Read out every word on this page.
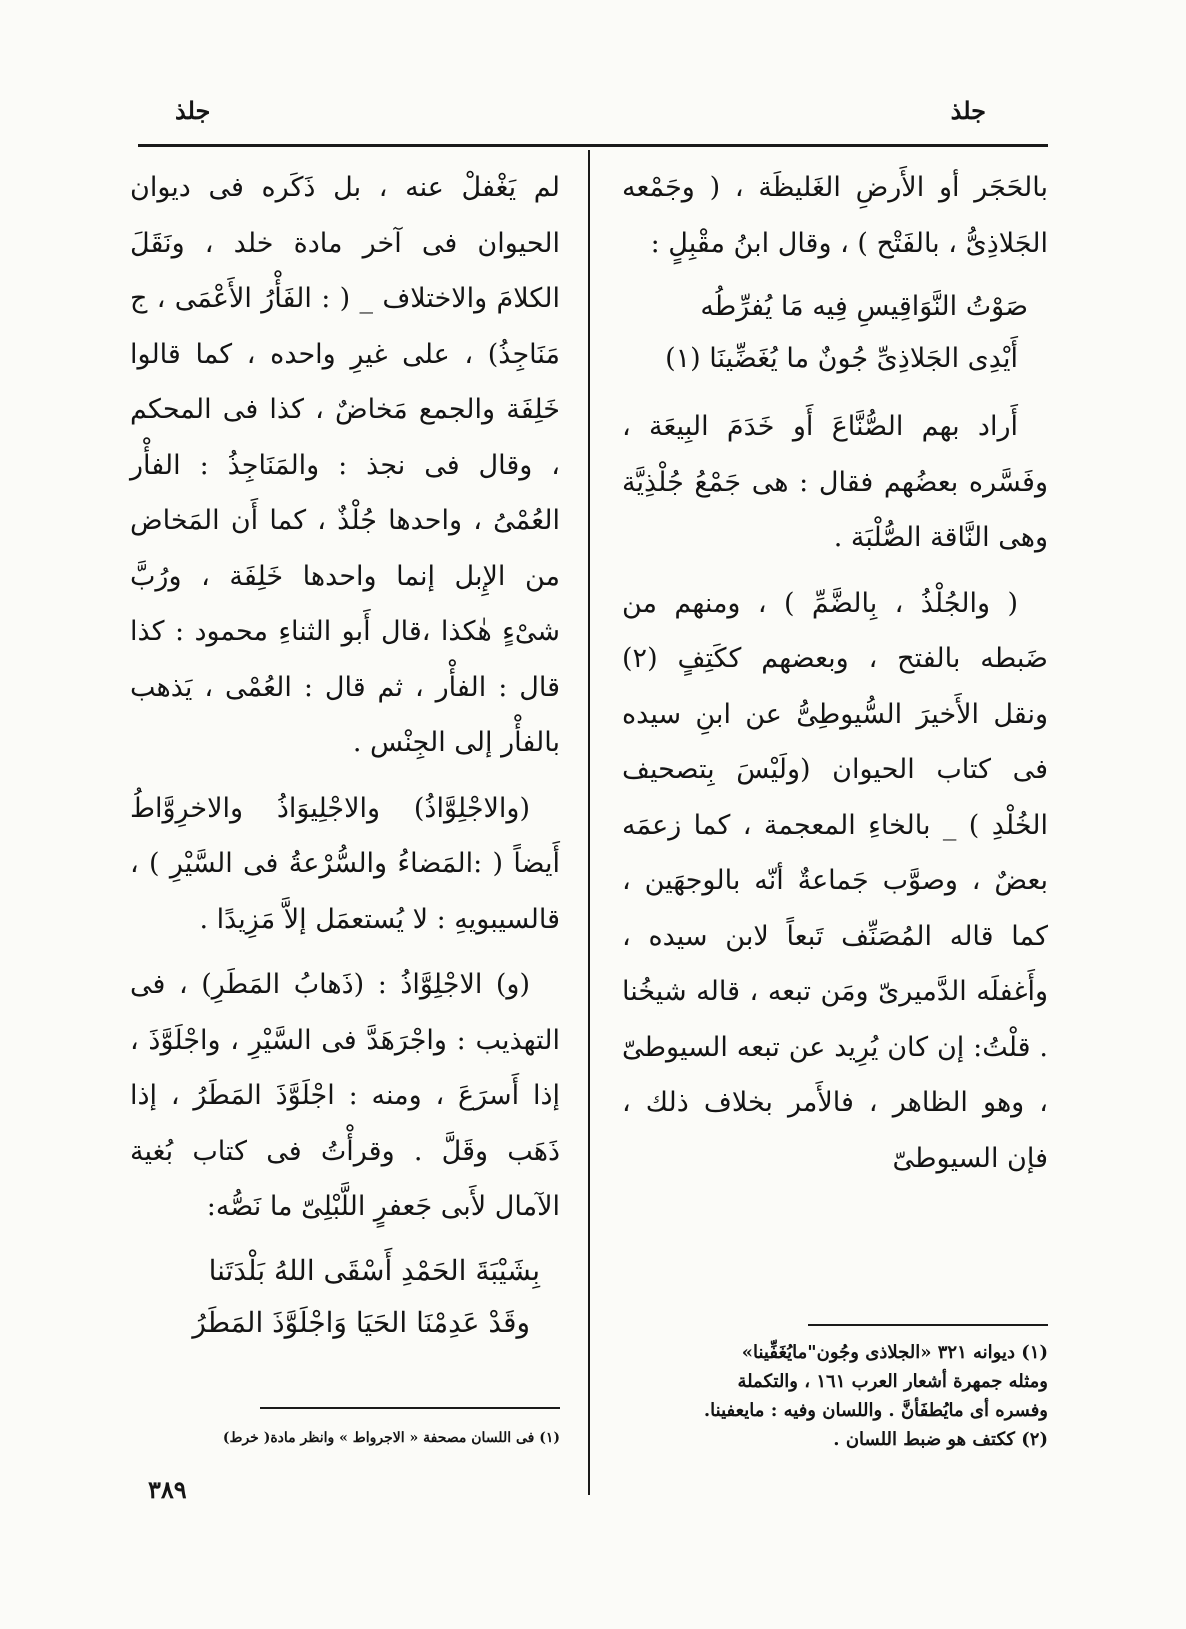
جلذ
جلذ

بالحَجَر أو الأَرضِ الغَليظَة ، ( وجَمْعه الجَلاذِىُّ ، بالفَتْح ) ، وقال ابنُ مقْبِلٍ :

صَوْتُ النَّوَاقِيسِ فِيه مَا يُفرِّطُه
أَيْدِى الجَلاذِىِّ جُونٌ ما يُغَضِّينَا (١)

أَراد بهم الصُّنَّاعَ أَو خَدَمَ البِيعَة ، وفَسَّره بعضُهم فقال : هى جَمْعُ جُلْذِيَّة وهى النَّاقة الصُّلْبَة .

( والجُلْذُ ، بِالضَّمِّ ) ، ومنهم من ضَبطه بالفتح ، وبعضهم ككَتِفٍ (٢) ونقل الأَخيرَ السُّيوطِىُّ عن ابنِ سيده فى كتاب الحيوان (ولَيْسَ بِتصحيف الخُلْدِ ) _ بالخاءِ المعجمة ، كما زعمَه بعضٌ ، وصوَّب جَماعةٌ أنّه بالوجهَين ، كما قاله المُصَنِّف تَبعاً لابن سيده ، وأَغفلَه الدَّميرىّ ومَن تبعه ، قاله شيخُنا . قلْتُ: إن كان يُرِيد عن تبعه السيوطىّ ، وهو الظاهر ، فالأَمر بخلاف ذلك ، فإن السيوطىّ

لم يَغْفلْ عنه ، بل ذَكَره فى ديوان الحيوان فى آخر مادة خلد ، ونَقَلَ الكلامَ والاختلاف _ ( : الفَأْرُ الأَعْمَى ، ج مَنَاجِذُ) ، على غيرِ واحده ، كما قالوا خَلِفَة والجمع مَخاضٌ ، كذا فى المحكم ، وقال فى نجذ : والمَنَاجِذُ : الفأْر العُمْىُ ، واحدها جُلْذٌ ، كما أَن المَخاض من الإِبل إنما واحدها خَلِفَة ، ورُبَّ شىْءٍ هٰكذا ،قال أَبو الثناءِ محمود : كذا قال : الفأْر ، ثم قال : العُمْى ، يَذهب بالفأْر إلى الجِنْس .

(والاجْلِوَّاذُ) والاجْلِيوَاذُ والاخرِوَّاطُ أَيضاً ( :المَضاءُ والسُّرْعةُ فى السَّيْرِ ) ، قالسيبويهِ : لا يُستعمَل إلاَّ مَزِيدًا .

(و) الاجْلِوَّاذُ : (ذَهابُ المَطَرِ) ، فى التهذيب : واجْرَهَدَّ فى السَّيْرِ ، واجْلَوَّذَ ، إذا أَسرَعَ ، ومنه : اجْلَوَّذَ المَطَرُ ، إذا ذَهَب وقَلَّ . وقرأْتُ فى كتاب بُغية الآمال لأَبى جَعفرٍ اللَّبْلِىّ ما نَصُّه:

بِشَيْبَةَ الحَمْدِ أَسْقَى اللهُ بَلْدَتَنا
وقَدْ عَدِمْنَا الحَيَا وَاجْلَوَّذَ المَطَرُ
(١) ديوانه ٣٢١ «الجلاذى وجُون"مايُغَفِّينا»
ومثله جمهرة أشعار العرب ١٦١ ، والتكملة
وفسره أى مايُطفَأنَّ . واللسان وفيه : مايعفينا.
(٢) ككتف هو ضبط اللسان .
(١) فى اللسان مصحفة « الاجرواط » وانظر مادة( خرط)
٣٨٩
